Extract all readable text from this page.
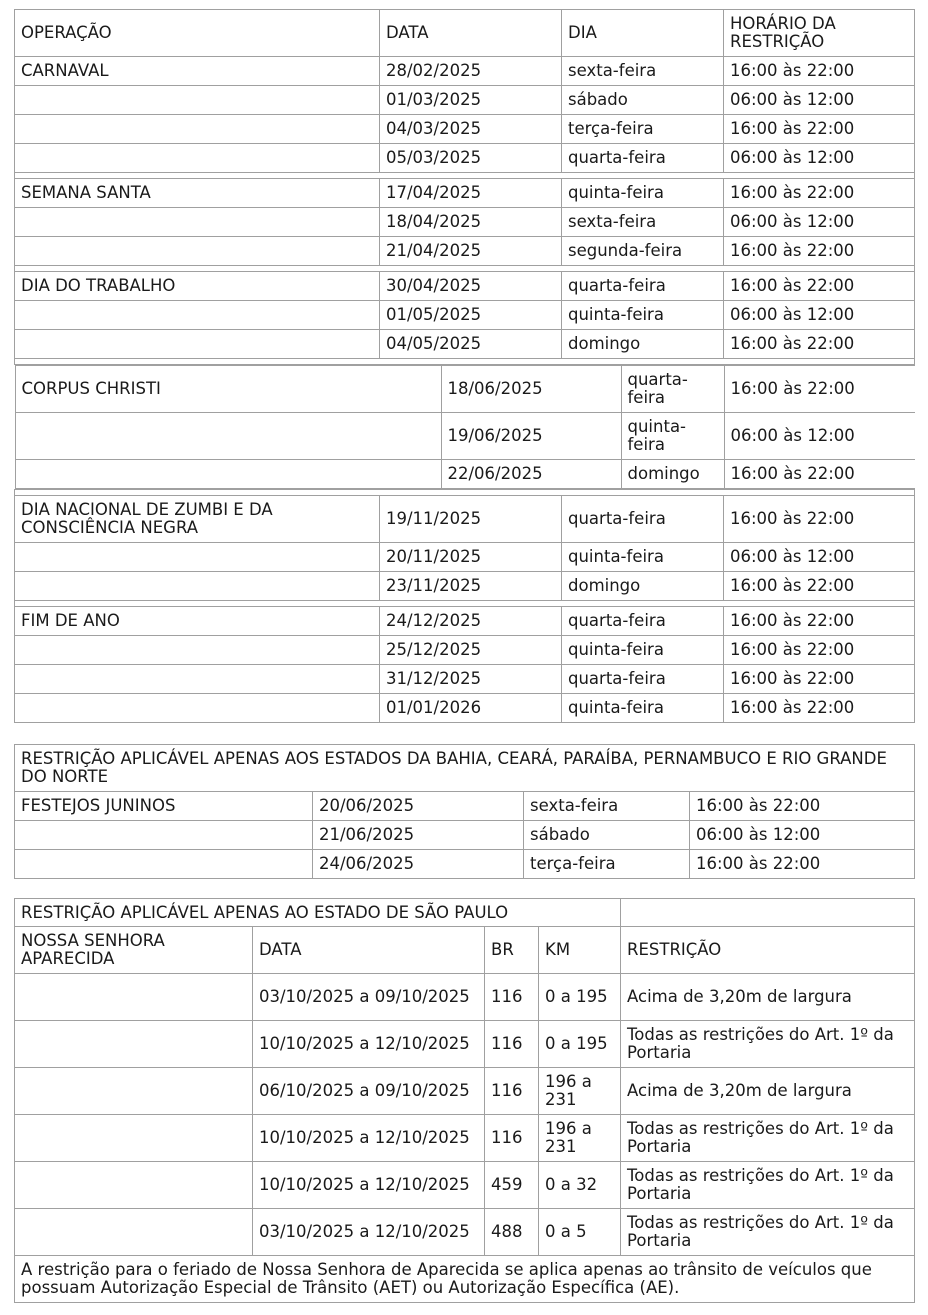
OPERAÇÃO	DATA	DIA	HORÁRIO DA RESTRIÇÃO
CARNAVAL	28/02/2025	sexta-feira	16:00 às 22:00
	01/03/2025	sábado	06:00 às 12:00
	04/03/2025	terça-feira	16:00 às 22:00
	05/03/2025	quarta-feira	06:00 às 12:00

SEMANA SANTA	17/04/2025	quinta-feira	16:00 às 22:00
	18/04/2025	sexta-feira	06:00 às 12:00
	21/04/2025	segunda-feira	16:00 às 22:00

DIA DO TRABALHO	30/04/2025	quarta-feira	16:00 às 22:00
	01/05/2025	quinta-feira	06:00 às 12:00
	04/05/2025	domingo	16:00 às 22:00

CORPUS CHRISTI	18/06/2025	quarta-feira	16:00 às 22:00
	19/06/2025	quinta-feira	06:00 às 12:00
	22/06/2025	domingo	16:00 às 22:00

DIA NACIONAL DE ZUMBI E DA CONSCIÊNCIA NEGRA	19/11/2025	quarta-feira	16:00 às 22:00
	20/11/2025	quinta-feira	06:00 às 12:00
	23/11/2025	domingo	16:00 às 22:00

FIM DE ANO	24/12/2025	quarta-feira	16:00 às 22:00
	25/12/2025	quinta-feira	16:00 às 22:00
	31/12/2025	quarta-feira	16:00 às 22:00
	01/01/2026	quinta-feira	16:00 às 22:00
RESTRIÇÃO APLICÁVEL APENAS AOS ESTADOS DA BAHIA, CEARÁ, PARAÍBA, PERNAMBUCO E RIO GRANDE DO NORTE			
FESTEJOS JUNINOS	20/06/2025	sexta-feira	16:00 às 22:00
	21/06/2025	sábado	06:00 às 12:00
	24/06/2025	terça-feira	16:00 às 22:00
RESTRIÇÃO APLICÁVEL APENAS AO ESTADO DE SÃO PAULO				
NOSSA SENHORA APARECIDA	DATA	BR	KM	RESTRIÇÃO
	03/10/2025 a 09/10/2025	116	0 a 195	Acima de 3,20m de largura
	10/10/2025 a 12/10/2025	116	0 a 195	Todas as restrições do Art. 1º da Portaria
	06/10/2025 a 09/10/2025	116	196 a 231	Acima de 3,20m de largura
	10/10/2025 a 12/10/2025	116	196 a 231	Todas as restrições do Art. 1º da Portaria
	10/10/2025 a 12/10/2025	459	0 a 32	Todas as restrições do Art. 1º da Portaria
	03/10/2025 a 12/10/2025	488	0 a 5	Todas as restrições do Art. 1º da Portaria
A restrição para o feriado de Nossa Senhora de Aparecida se aplica apenas ao trânsito de veículos que possuam Autorização Especial de Trânsito (AET) ou Autorização Específica (AE).				
